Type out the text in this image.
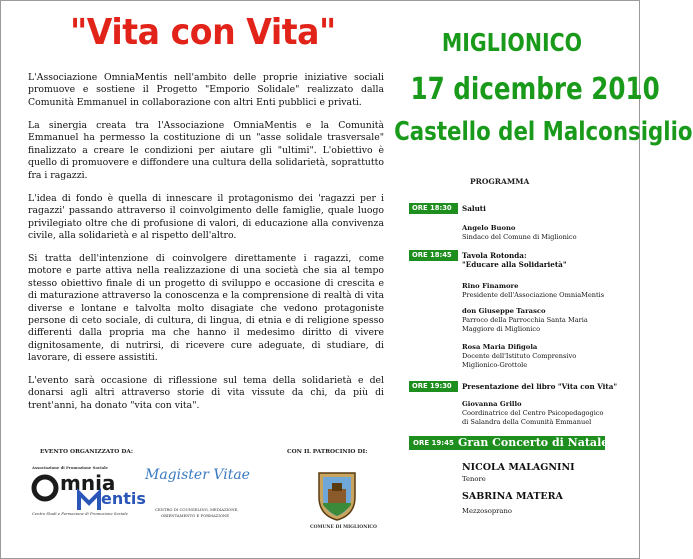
"Vita con Vita"
L'Associazione OmniaMentis nell'ambito delle proprie iniziative sociali promuove e sostiene il Progetto "Emporio Solidale" realizzato dalla Comunità Emmanuel in collaborazione con altri Enti pubblici e privati.
La sinergia creata tra l'Associazione OmniaMentis e la Comunità Emmanuel ha permesso la costituzione di un "asse solidale trasversale" finalizzato a creare le condizioni per aiutare gli "ultimi". L'obiettivo è quello di promuovere e diffondere una cultura della solidarietà, soprattutto fra i ragazzi.
L'idea di fondo è quella di innescare il protagonismo dei 'ragazzi per i ragazzi' passando attraverso il coinvolgimento delle famiglie, quale luogo privilegiato oltre che di profusione di valori, di educazione alla convivenza civile, alla solidarietà e al rispetto dell'altro.
Si tratta dell'intenzione di coinvolgere direttamente i ragazzi, come motore e parte attiva nella realizzazione di una società che sia al tempo stesso obiettivo finale di un progetto di sviluppo e occasione di crescita e di maturazione attraverso la conoscenza e la comprensione di realtà di vita diverse e lontane e talvolta molto disagiate che vedono protagoniste persone di ceto sociale, di cultura, di lingua, di etnia e di religione spesso differenti dalla propria ma che hanno il medesimo diritto di vivere dignitosamente, di nutrirsi, di ricevere cure adeguate, di studiare, di lavorare, di essere assistiti.
L'evento sarà occasione di riflessione sul tema della solidarietà e del donarsi agli altri attraverso storie di vita vissute da chi, da più di trent'anni, ha donato "vita con vita".
MIGLIONICO
17 dicembre 2010
Castello del Malconsiglio
PROGRAMMA
ORE 18:30	Saluti
Angelo Buono
Sindaco del Comune di Miglionico
ORE 18:45	Tavola Rotonda:
"Educare alla Solidarietà"
Rino Finamore
Presidente dell'Associazione OmniaMentis
don Giuseppe Tarasco
Parroco della Parrocchia Santa Maria
Maggiore di Miglionico
Rosa Maria Difigola
Docente dell'Istituto Comprensivo
Miglionico-Grottole
ORE 19:30	Presentazione del libro "Vita con Vita"
Giovanna Grillo
Coordinatrice del Centro Psicopedagogico
di Salandra della Comunità Emmanuel
ORE 19:45 Gran Concerto di Natale
NICOLA MALAGNINI
Tenore
SABRINA MATERA
Mezzosoprano
EVENTO ORGANIZZATO DA:	CON IL PATROCINIO DI:
Associazione di Promozione Sociale
mnia
entis
Centro Studi e Formazione di Promozione Sociale
Magister Vitae
CENTRO DI COUNSELING, MEDIAZIONE,
ORIENTAMENTO E FORMAZIONE
COMUNE DI MIGLIONICO
